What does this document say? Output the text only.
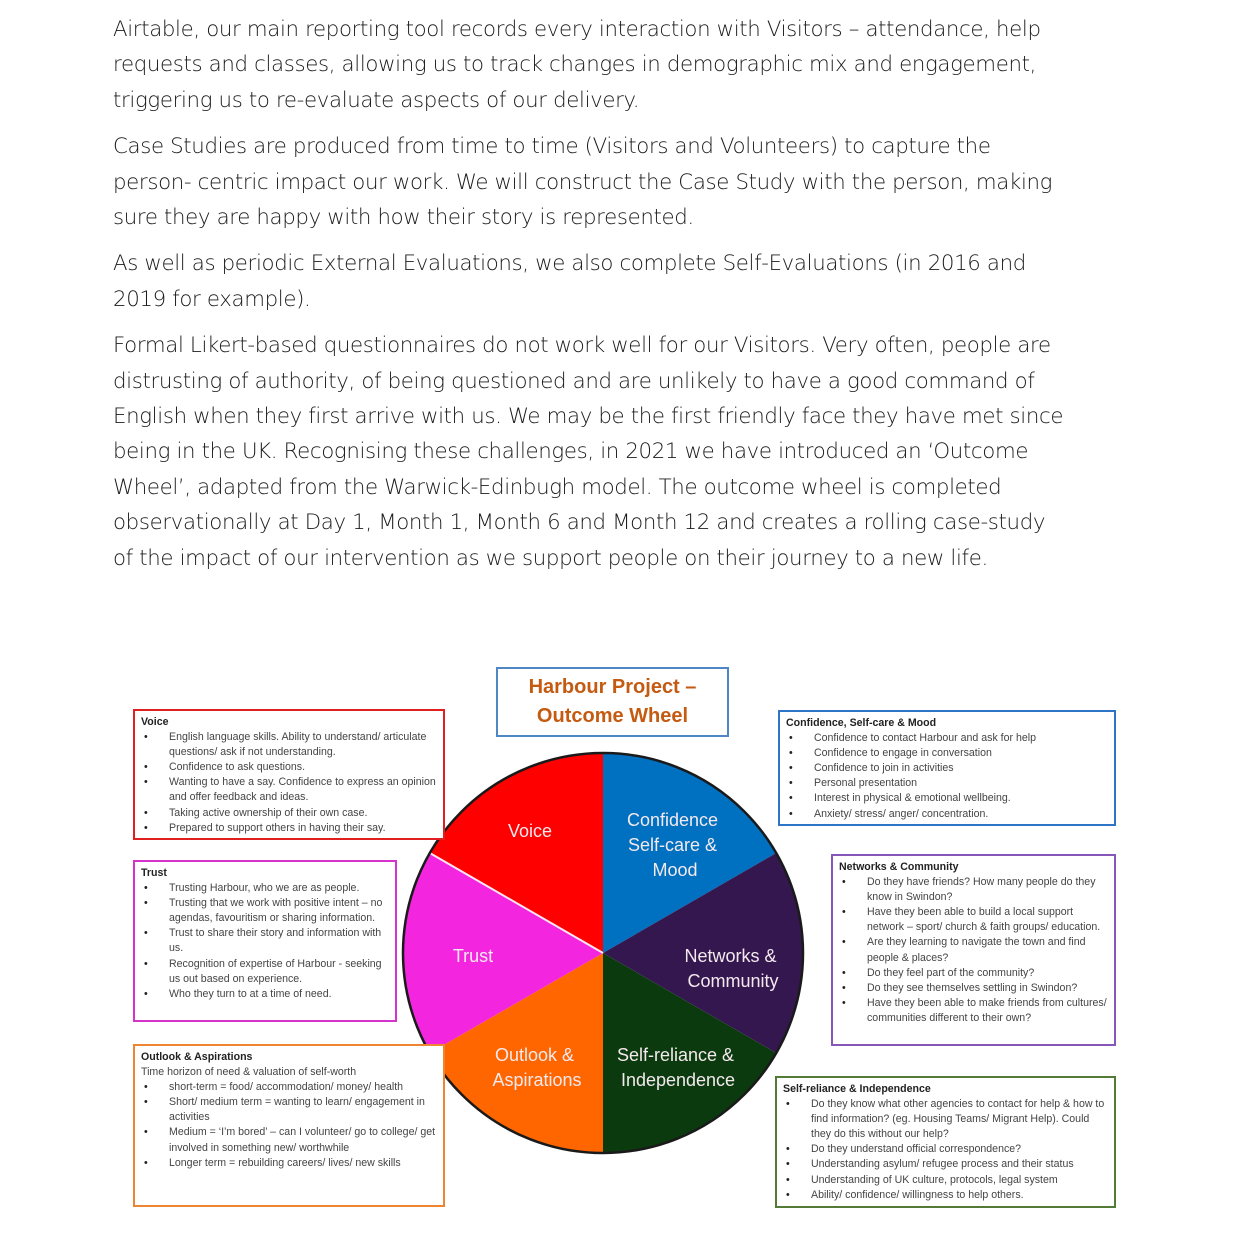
Airtable, our main reporting tool records every interaction with Visitors – attendance, help
requests and classes, allowing us to track changes in demographic mix and engagement,
triggering us to re-evaluate aspects of our delivery.

Case Studies are produced from time to time (Visitors and Volunteers) to capture the
person- centric impact our work. We will construct the Case Study with the person, making
sure they are happy with how their story is represented.

As well as periodic External Evaluations, we also complete Self-Evaluations (in 2016 and
2019 for example).

Formal Likert-based questionnaires do not work well for our Visitors. Very often, people are
distrusting of authority, of being questioned and are unlikely to have a good command of
English when they first arrive with us. We may be the first friendly face they have met since
being in the UK. Recognising these challenges, in 2021 we have introduced an ‘Outcome
Wheel’, adapted from the Warwick-Edinbugh model. The outcome wheel is completed
observationally at Day 1, Month 1, Month 6 and Month 12 and creates a rolling case-study
of the impact of our intervention as we support people on their journey to a new life.

Harbour Project –
Outcome Wheel
Voice
Confidence Self-care & Mood
Networks & Community
Self-reliance & Independence
Outlook & Aspirations
Trust
Voice
• English language skills. Ability to understand/ articulate questions/ ask if not understanding.
• Confidence to ask questions.
• Wanting to have a say. Confidence to express an opinion and offer feedback and ideas.
• Taking active ownership of their own case.
• Prepared to support others in having their say.
Trust
• Trusting Harbour, who we are as people.
• Trusting that we work with positive intent – no agendas, favouritism or sharing information.
• Trust to share their story and information with us.
• Recognition of expertise of Harbour - seeking us out based on experience.
• Who they turn to at a time of need.
Outlook & Aspirations
Time horizon of need & valuation of self-worth
• short-term = food/ accommodation/ money/ health
• Short/ medium term = wanting to learn/ engagement in activities
• Medium = ‘I’m bored’ – can I volunteer/ go to college/ get involved in something new/ worthwhile
• Longer term = rebuilding careers/ lives/ new skills
Confidence, Self-care & Mood
• Confidence to contact Harbour and ask for help
• Confidence to engage in conversation
• Confidence to join in activities
• Personal presentation
• Interest in physical & emotional wellbeing.
• Anxiety/ stress/ anger/ concentration.
Networks & Community
• Do they have friends? How many people do they know in Swindon?
• Have they been able to build a local support network – sport/ church & faith groups/ education.
• Are they learning to navigate the town and find people & places?
• Do they feel part of the community?
• Do they see themselves settling in Swindon?
• Have they been able to make friends from cultures/ communities different to their own?
Self-reliance & Independence
• Do they know what other agencies to contact for help & how to find information? (eg. Housing Teams/ Migrant Help). Could they do this without our help?
• Do they understand official correspondence?
• Understanding asylum/ refugee process and their status
• Understanding of UK culture, protocols, legal system
• Ability/ confidence/ willingness to help others.
